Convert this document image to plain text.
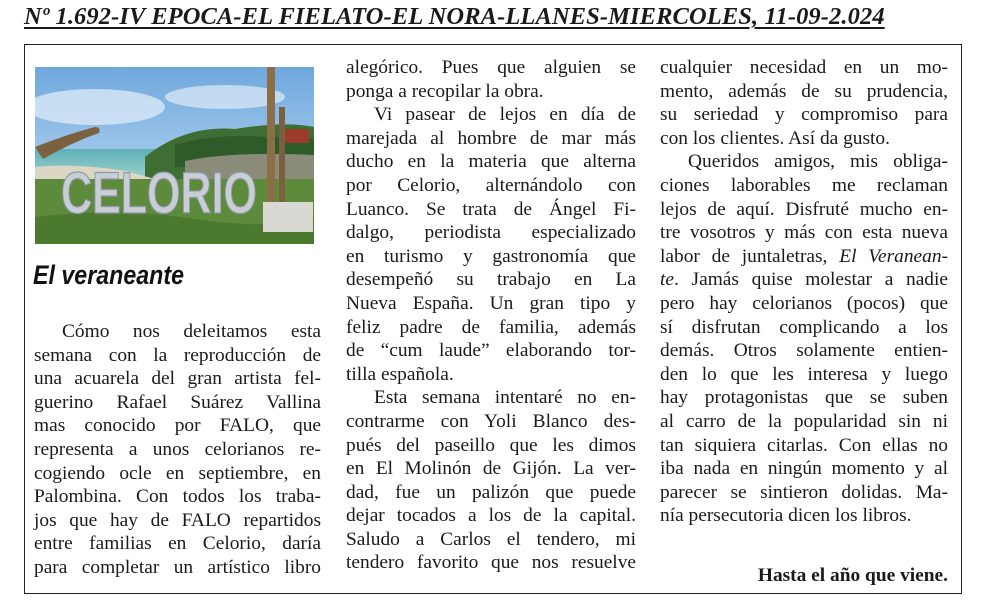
Nº 1.692-IV EPOCA-EL FIELATO-EL NORA-LLANES-MIERCOLES, 11-09-2.024
CELORIO
El veraneante
Cómo nos deleitamos esta
semana con la reproducción de
una acuarela del gran artista fel-
guerino Rafael Suárez Vallina
mas conocido por FALO, que
representa a unos celorianos re-
cogiendo ocle en septiembre, en
Palombina. Con todos los traba-
jos que hay de FALO repartidos
entre familias en Celorio, daría
para completar un artístico libro
alegórico. Pues que alguien se
ponga a recopilar la obra.
Vi pasear de lejos en día de
marejada al hombre de mar más
ducho en la materia que alterna
por Celorio, alternándolo con
Luanco. Se trata de Ángel Fi-
dalgo, periodista especializado
en turismo y gastronomía que
desempeñó su trabajo en La
Nueva España. Un gran tipo y
feliz padre de familia, además
de “cum laude” elaborando tor-
tilla española.
Esta semana intentaré no en-
contrarme con Yoli Blanco des-
pués del paseillo que les dimos
en El Molinón de Gijón. La ver-
dad, fue un palizón que puede
dejar tocados a los de la capital.
Saludo a Carlos el tendero, mi
tendero favorito que nos resuelve
cualquier necesidad en un mo-
mento, además de su prudencia,
su seriedad y compromiso para
con los clientes. Así da gusto.
Queridos amigos, mis obliga-
ciones laborables me reclaman
lejos de aquí. Disfruté mucho en-
tre vosotros y más con esta nueva
labor de juntaletras, El Veranean-
te. Jamás quise molestar a nadie
pero hay celorianos (pocos) que
sí disfrutan complicando a los
demás. Otros solamente entien-
den lo que les interesa y luego
hay protagonistas que se suben
al carro de la popularidad sin ni
tan siquiera citarlas. Con ellas no
iba nada en ningún momento y al
parecer se sintieron dolidas. Ma-
nía persecutoria dicen los libros.
Hasta el año que viene.
